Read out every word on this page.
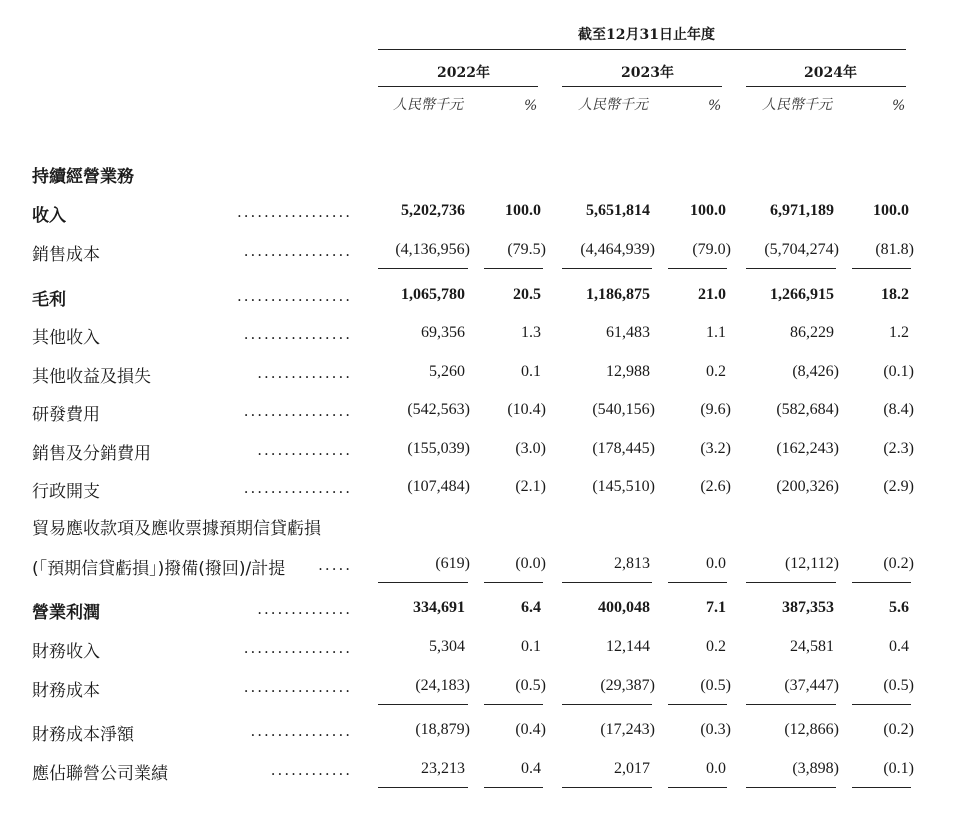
截至12月31日止年度
2022年	2023年	2024年
人民幣千元	%	人民幣千元	%	人民幣千元	%
持續經營業務
收入	5,202,736	100.0	5,651,814	100.0	6,971,189 100.0
銷售成本	(4,136,956) (79.5) (4,464,939) (79.0) (5,704,274) (81.8)
毛利	1,065,780	20.5	1,186,875	21.0	1,266,915	18.2
其他收入	69,356	1.3	61,483	1.1	86,229	1.2
其他收益及損失	5,260	0.1	12,988	0.2	(8,426)	(0.1)
研發費用	(542,563) (10.4)	(540,156)	(9.6)	(582,684)	(8.4)
銷售及分銷費用	(155,039)	(3.0)	(178,445)	(3.2)	(162,243)	(2.3)
行政開支	(107,484)	(2.1)	(145,510)	(2.6)	(200,326)	(2.9)
貿易應收款項及應收票據預期信貸虧損
(「預期信貸虧損」)撥備(撥回)/計提	(619)	(0.0)	2,813	0.0	(12,112)	(0.2)
營業利潤	334,691	6.4	400,048	7.1	387,353	5.6
財務收入	5,304	0.1	12,144	0.2	24,581	0.4
財務成本	(24,183)	(0.5)	(29,387)	(0.5)	(37,447)	(0.5)
財務成本淨額	(18,879)	(0.4)	(17,243)	(0.3)	(12,866)	(0.2)
應佔聯營公司業績	23,213	0.4	2,017	0.0	(3,898)	(0.1)
.................
................
.................
................
..............
................
..............
................
.....
..............
................
................
...............
............
